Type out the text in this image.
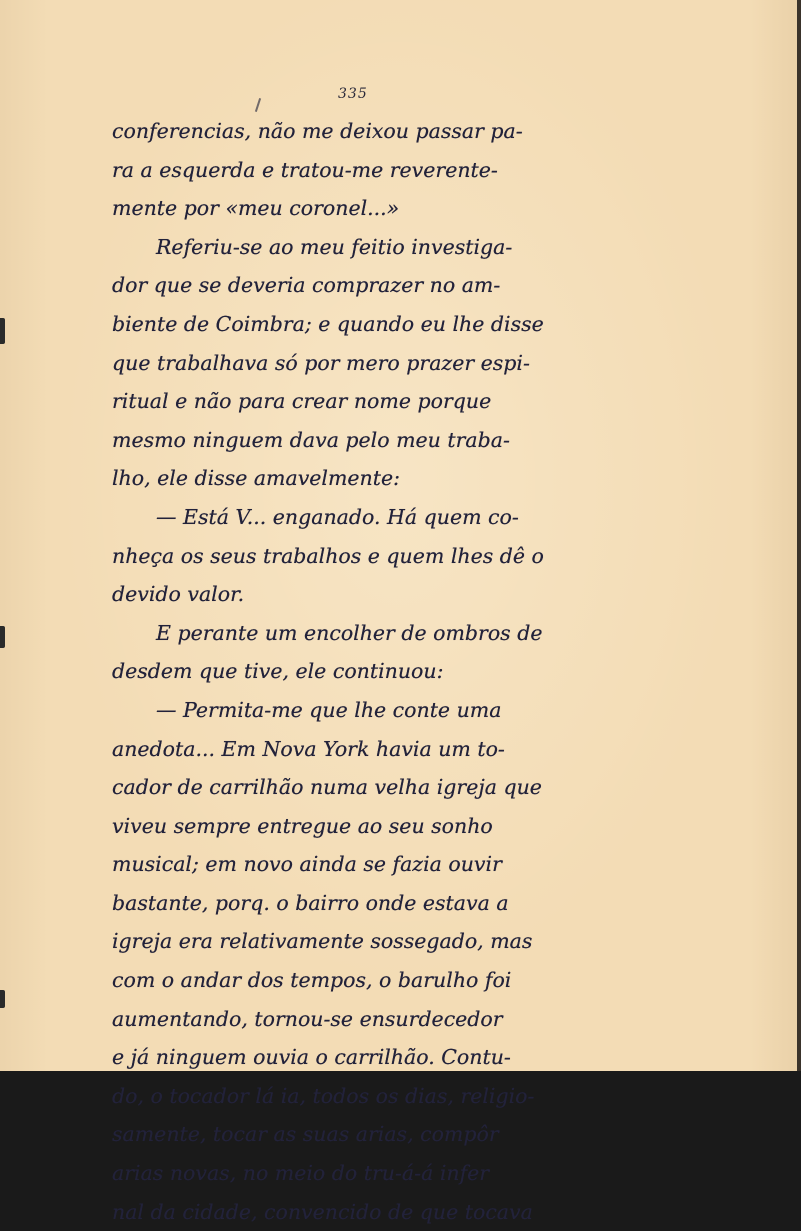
335
conferencias, não me deixou passar pa-
ra a esquerda e tratou-me reverente-
mente por «meu coronel...»
Referiu-se ao meu feitio investiga-
dor que se deveria comprazer no am-
biente de Coimbra; e quando eu lhe disse
que trabalhava só por mero prazer espi-
ritual e não para crear nome porque
mesmo ninguem dava pelo meu traba-
lho, ele disse amavelmente:
— Está V... enganado. Há quem co-
nheça os seus trabalhos e quem lhes dê o
devido valor.
E perante um encolher de ombros de
desdem que tive, ele continuou:
— Permita-me que lhe conte uma
anedota... Em Nova York havia um to-
cador de carrilhão numa velha igreja que
viveu sempre entregue ao seu sonho
musical; em novo ainda se fazia ouvir
bastante, porq. o bairro onde estava a
igreja era relativamente sossegado, mas
com o andar dos tempos, o barulho foi
aumentando, tornou-se ensurdecedor
e já ninguem ouvia o carrilhão. Contu-
do, o tocador lá ia, todos os dias, religio-
samente, tocar as suas arias, compôr
arias novas, no meio do tru-á-á infer
nal da cidade, convencido de que tocava
